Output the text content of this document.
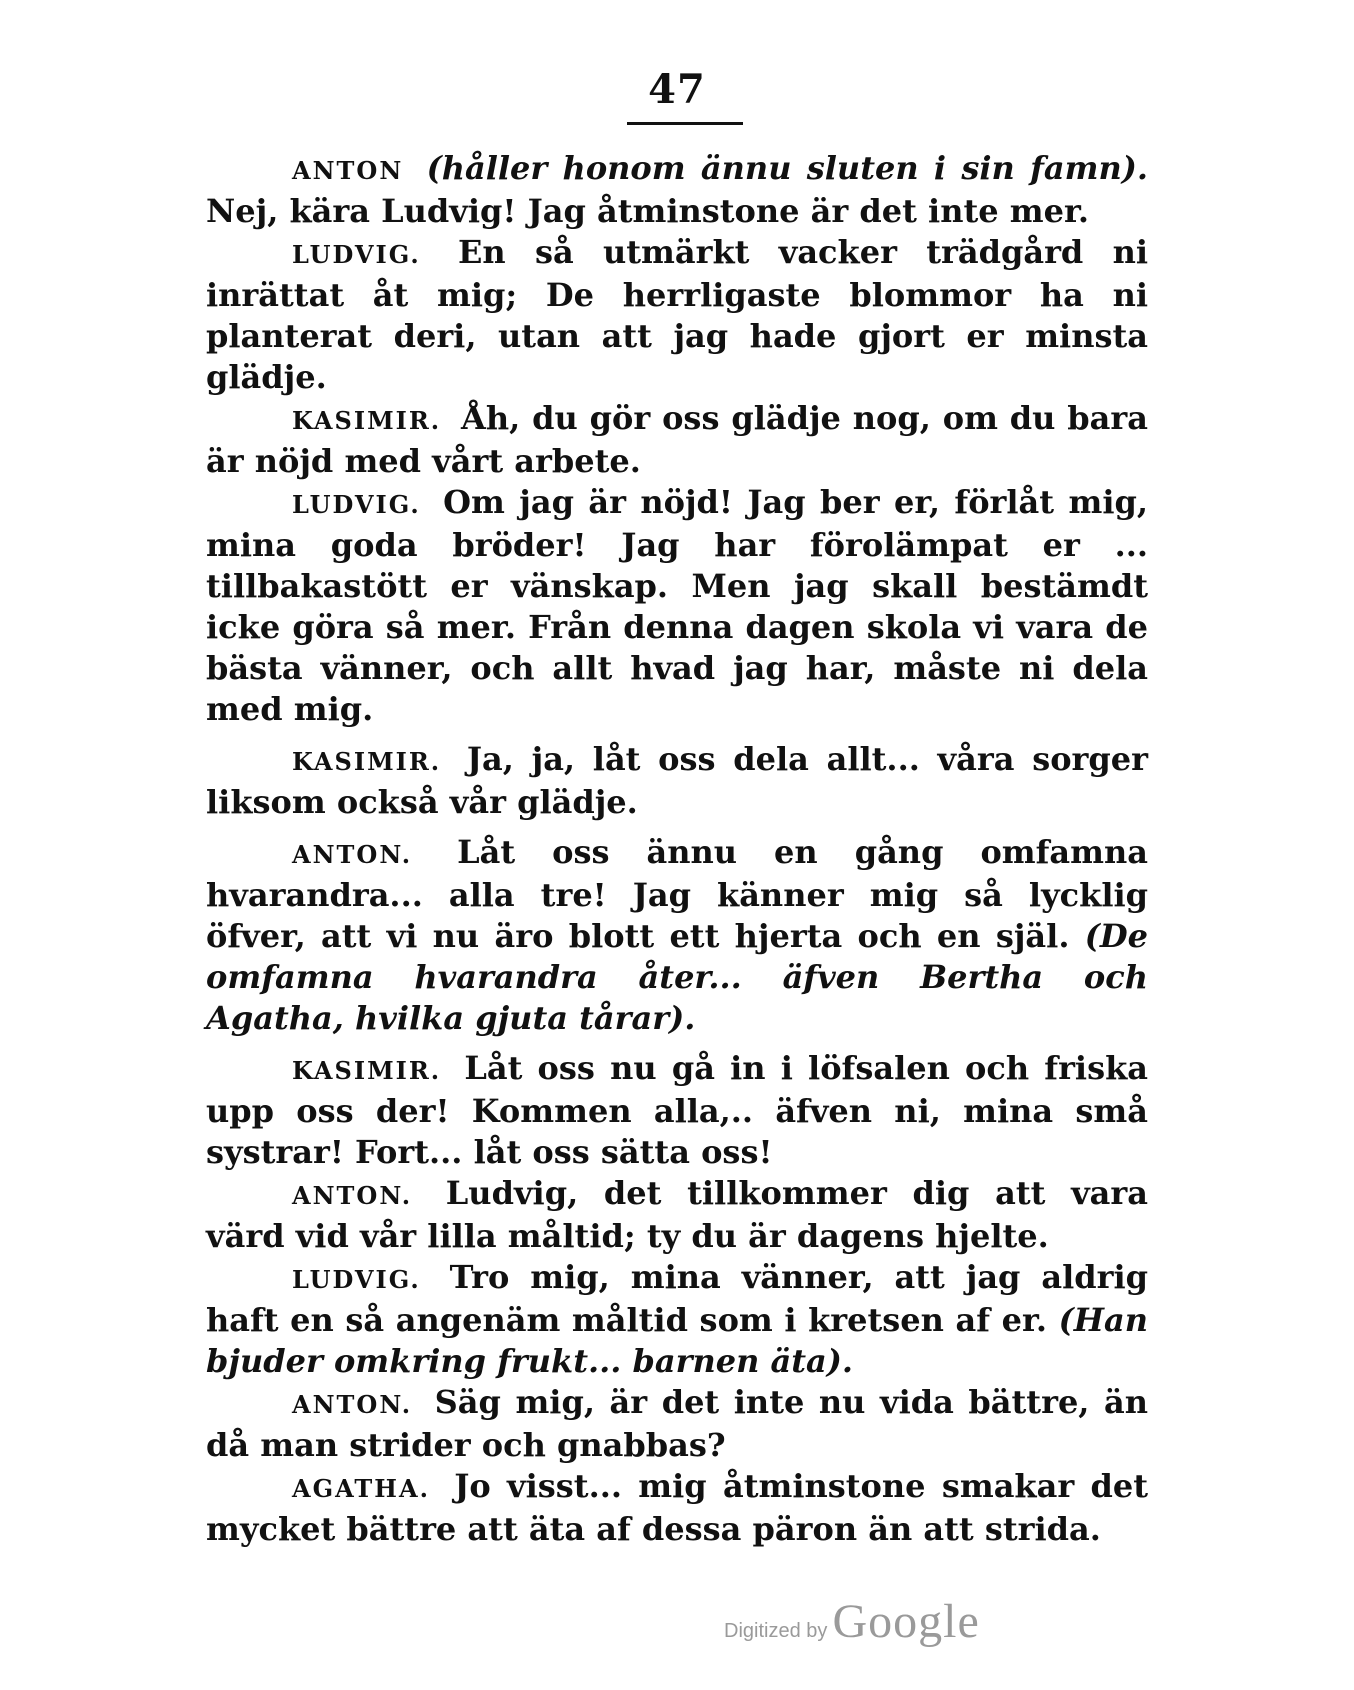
47

ANTON (håller honom ännu sluten i sin famn). Nej, kära Ludvig! Jag åtminstone är det inte mer.

LUDVIG. En så utmärkt vacker trädgård ni inrättat åt mig; De herrligaste blommor ha ni planterat deri, utan att jag hade gjort er minsta glädje.

KASIMIR. Åh, du gör oss glädje nog, om du bara är nöjd med vårt arbete.

LUDVIG. Om jag är nöjd! Jag ber er, förlåt mig, mina goda bröder! Jag har förolämpat er ... tillbakastött er vänskap. Men jag skall bestämdt icke göra så mer. Från denna dagen skola vi vara de bästa vänner, och allt hvad jag har, måste ni dela med mig.

KASIMIR. Ja, ja, låt oss dela allt... våra sorger liksom också vår glädje.

ANTON. Låt oss ännu en gång omfamna hvarandra... alla tre! Jag känner mig så lycklig öfver, att vi nu äro blott ett hjerta och en själ. (De omfamna hvarandra åter... äfven Bertha och Agatha, hvilka gjuta tårar).

KASIMIR. Låt oss nu gå in i löfsalen och friska upp oss der! Kommen alla,.. äfven ni, mina små systrar! Fort... låt oss sätta oss!

ANTON. Ludvig, det tillkommer dig att vara värd vid vår lilla måltid; ty du är dagens hjelte.

LUDVIG. Tro mig, mina vänner, att jag aldrig haft en så angenäm måltid som i kretsen af er. (Han bjuder omkring frukt... barnen äta).

ANTON. Säg mig, är det inte nu vida bättre, än då man strider och gnabbas?

AGATHA. Jo visst... mig åtminstone smakar det mycket bättre att äta af dessa päron än att strida.

Digitized by Google
